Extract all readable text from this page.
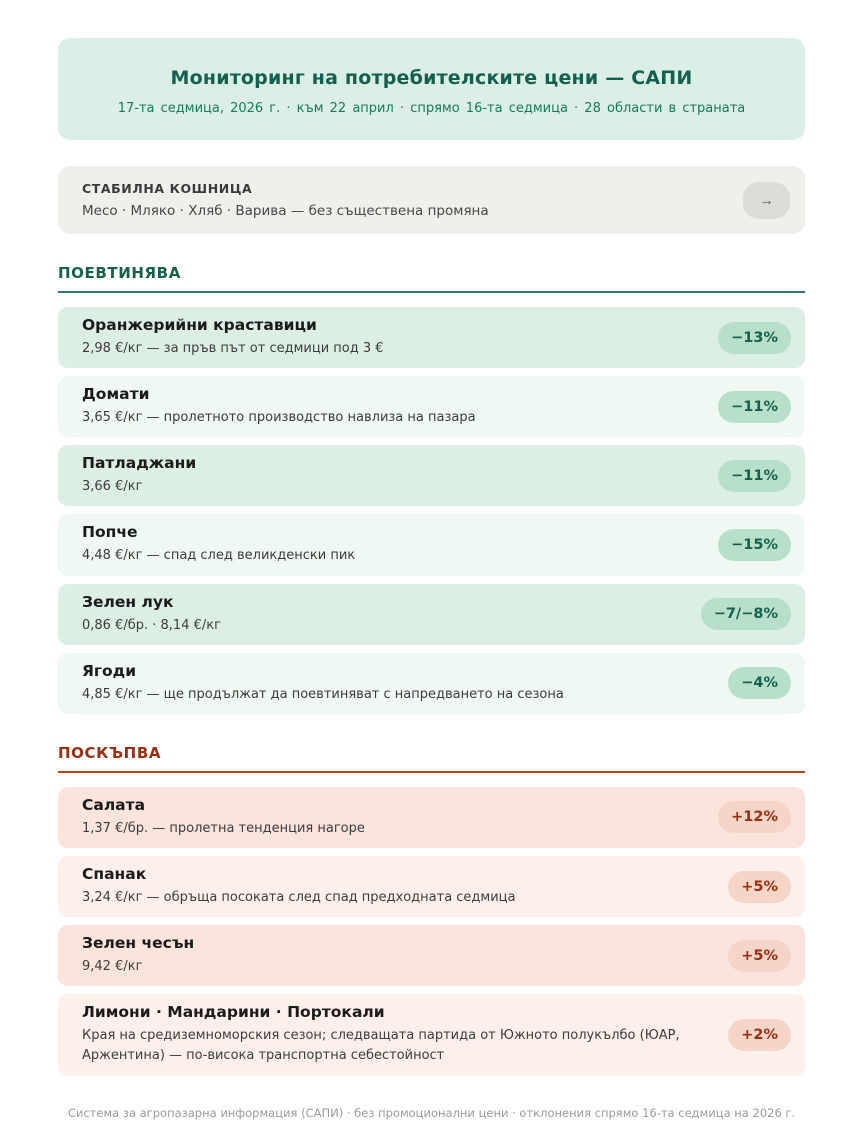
Мониторинг на потребителските цени — САПИ
17-та седмица, 2026 г. · към 22 април · спрямо 16-та седмица · 28 области в страната
СТАБИЛНА КОШНИЦА
Месо · Мляко · Хляб · Варива — без съществена промяна
→
ПОЕВТИНЯВА
Оранжерийни краставици
2,98 €/кг — за пръв път от седмици под 3 €
−13%
Домати
3,65 €/кг — пролетното производство навлиза на пазара
−11%
Патладжани
3,66 €/кг
−11%
Попче
4,48 €/кг — спад след великденски пик
−15%
Зелен лук
0,86 €/бр. · 8,14 €/кг
−7/−8%
Ягоди
4,85 €/кг — ще продължат да поевтиняват с напредването на сезона
−4%
ПОСКЪПВА
Салата
1,37 €/бр. — пролетна тенденция нагоре
+12%
Спанак
3,24 €/кг — обръща посоката след спад предходната седмица
+5%
Зелен чесън
9,42 €/кг
+5%
Лимони · Мандарини · Портокали
Края на средиземноморския сезон; следващата партида от Южното полукълбо (ЮАР, Аржентина) — по-висока транспортна себестойност
+2%
Система за агропазарна информация (САПИ) · без промоционални цени · отклонения спрямо 16-та седмица на 2026 г.
